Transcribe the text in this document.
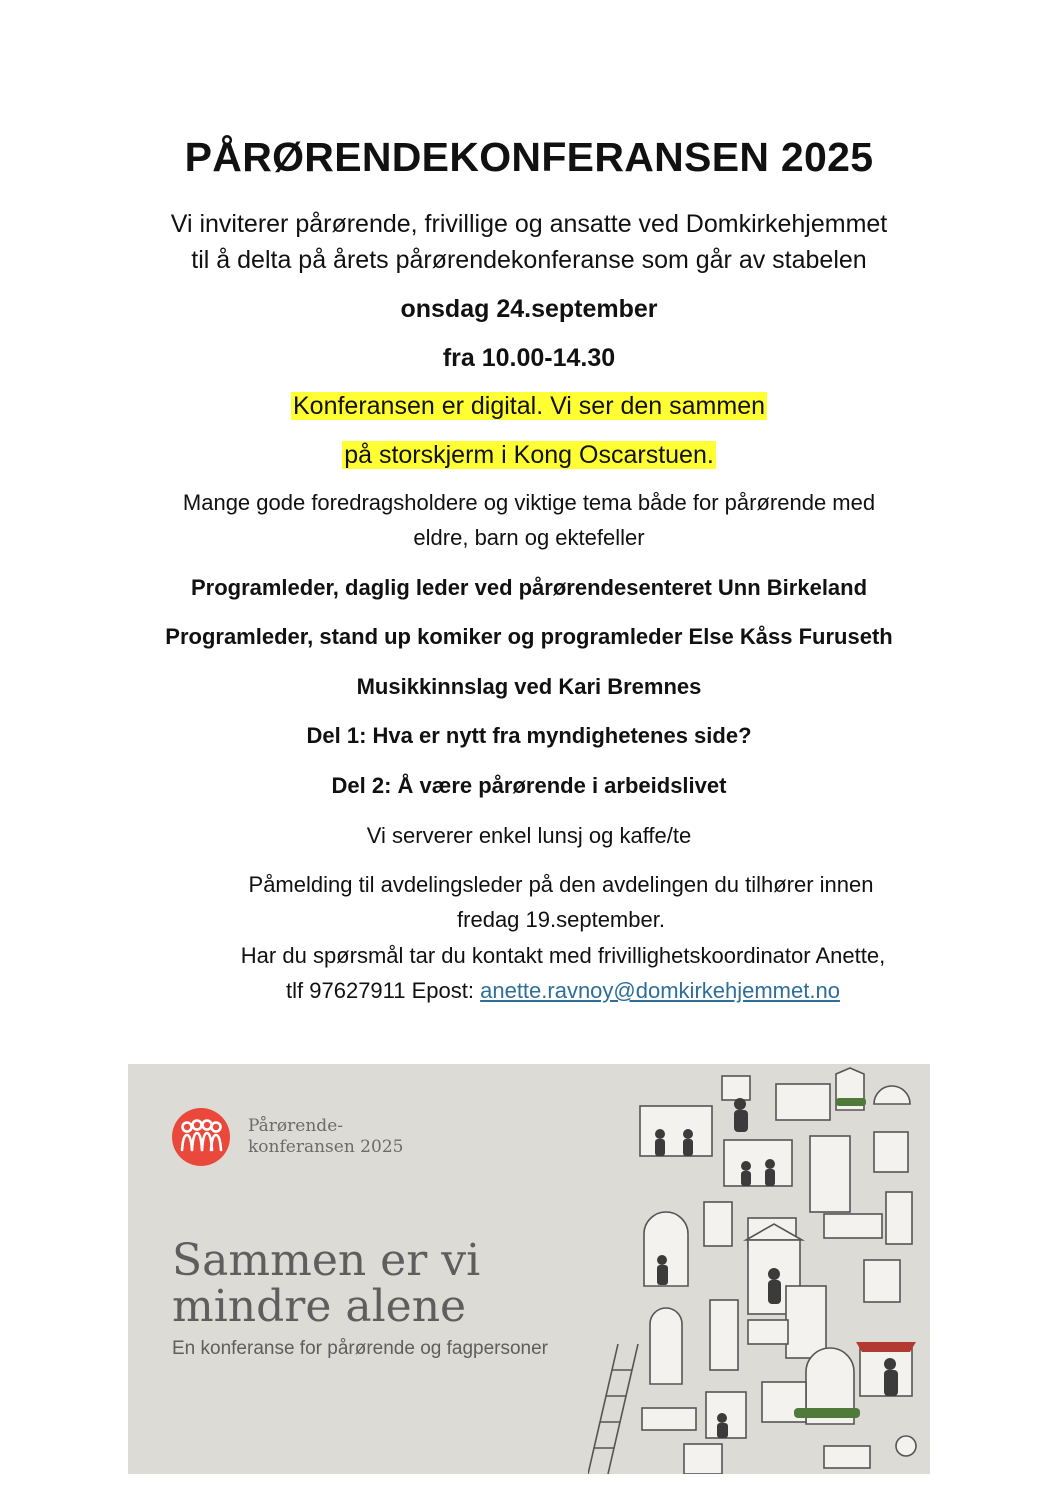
PÅRØRENDEKONFERANSEN 2025
Vi inviterer pårørende, frivillige og ansatte ved Domkirkehjemmet
til å delta på årets pårørendekonferanse som går av stabelen
onsdag 24.september
fra 10.00-14.30
Konferansen er digital. Vi ser den sammen
på storskjerm i Kong Oscarstuen.
Mange gode foredragsholdere og viktige tema både for pårørende med
eldre, barn og ektefeller
Programleder, daglig leder ved pårørendesenteret Unn Birkeland
Programleder, stand up komiker og programleder Else Kåss Furuseth
Musikkinnslag ved Kari Bremnes
Del 1: Hva er nytt fra myndighetenes side?
Del 2: Å være pårørende i arbeidslivet
Vi serverer enkel lunsj og kaffe/te
Påmelding til avdelingsleder på den avdelingen du tilhører innen
fredag 19.september.
Har du spørsmål tar du kontakt med frivillighetskoordinator Anette,
tlf 97627911 Epost: anette.ravnoy@domkirkehjemmet.no
Pårørende-
konferansen 2025
Sammen er vi
mindre alene
En konferanse for pårørende og fagpersoner
